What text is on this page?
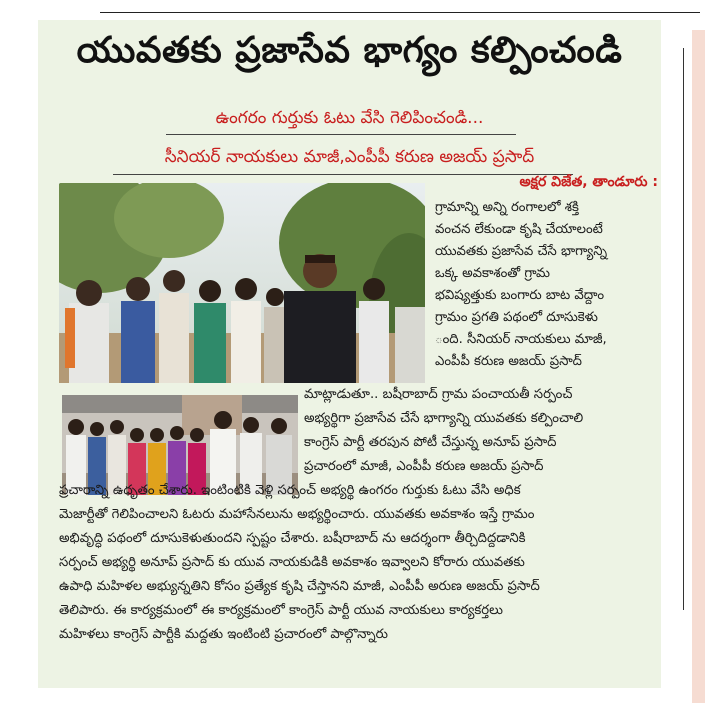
యువతకు ప్రజాసేవ భాగ్యం కల్పించండి
ఉంగరం గుర్తుకు ఓటు వేసి గెలిపించండి...
సీనియర్ నాయకులు మాజీ,ఎంపీపీ కరుణ అజయ్ ప్రసాద్
అక్షర విజేత, తాండూరు :
గ్రామాన్ని అన్ని రంగాలలో శక్తి
వంచన లేకుండా కృషి చేయాలంటే
యువతకు ప్రజాసేవ చేసే భాగ్యాన్ని
ఒక్క అవకాశంతో గ్రామ
భవిష్యత్తుకు బంగారు బాట వేద్దాం
గ్రామం ప్రగతి పథంలో దూసుకెళు
ంది. సీనియర్ నాయకులు మాజీ,
ఎంపీపీ కరుణ అజయ్ ప్రసాద్
మాట్లాడుతూ.. బషీరాబాద్ గ్రామ పంచాయతీ సర్పంచ్
అభ్యర్థిగా ప్రజాసేవ చేసే భాగ్యాన్ని యువతకు కల్పించాలి
కాంగ్రెస్ పార్టీ తరపున పోటీ చేస్తున్న అనూప్ ప్రసాద్
ప్రచారంలో మాజీ, ఎంపీపీ కరుణ అజయ్ ప్రసాద్
ప్రచారాన్ని ఉధృతం చేశారు. ఇంటింటికి వెళ్లి సర్పంచ్ అభ్యర్థి ఉంగరం గుర్తుకు ఓటు వేసి అధిక
మెజార్టీతో గెలిపించాలని ఓటరు మహాసేనలును అభ్యర్థించారు. యువతకు అవకాశం ఇస్తే గ్రామం
అభివృద్ధి పథంలో దూసుకెళుతుందని స్పష్టం చేశారు. బషీరాబాద్ ను ఆదర్శంగా తీర్చిదిద్దడానికి
సర్పంచ్ అభ్యర్థి అనూప్ ప్రసాద్ కు యువ నాయకుడికి అవకాశం ఇవ్వాలని కోరారు యువతకు
ఉపాధి మహిళల అభ్యున్నతిని కోసం ప్రత్యేక కృషి చేస్తానని మాజీ, ఎంపీపీ అరుణ అజయ్ ప్రసాద్
తెలిపారు. ఈ కార్యక్రమంలో ఈ కార్యక్రమంలో కాంగ్రెస్ పార్టీ యువ నాయకులు కార్యకర్తలు
మహిళలు కాంగ్రెస్ పార్టీకి మద్దతు ఇంటింటి ప్రచారంలో పాల్గొన్నారు
